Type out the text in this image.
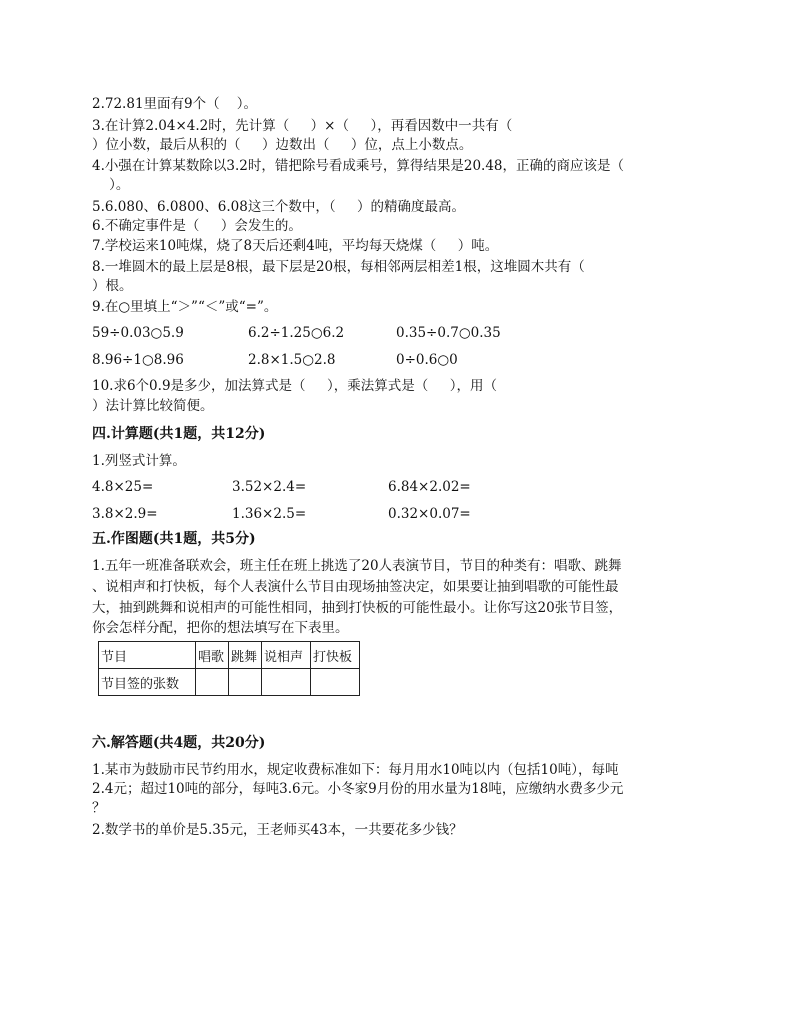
2.72.81里面有9个（    ）。
3.在计算2.04×4.2时，先计算（     ）×（     ），再看因数中一共有（
）位小数，最后从积的（     ）边数出（     ）位，点上小数点。
4.小强在计算某数除以3.2时，错把除号看成乘号，算得结果是20.48，正确的商应该是（
）。
5.6.080、6.0800、6.08这三个数中，（     ）的精确度最高。
6.不确定事件是（     ）会发生的。
7.学校运来10吨煤，烧了8天后还剩4吨，平均每天烧煤（     ）吨。
8.一堆圆木的最上层是8根，最下层是20根，每相邻两层相差1根，这堆圆木共有（
）根。
9.在○里填上“＞”“＜”或“=”。
59÷0.03○5.9	6.2÷1.25○6.2	0.35÷0.7○0.35
8.96÷1○8.96	2.8×1.5○2.8	0÷0.6○0
10.求6个0.9是多少，加法算式是（     ），乘法算式是（     ），用（
）法计算比较简便。
四.计算题(共1题，共12分)
1.列竖式计算。
4.8×25=	3.52×2.4=	6.84×2.02=
3.8×2.9=	1.36×2.5=	0.32×0.07=
五.作图题(共1题，共5分)
1.五年一班准备联欢会，班主任在班上挑选了20人表演节目，节目的种类有：唱歌、跳舞
、说相声和打快板，每个人表演什么节目由现场抽签决定，如果要让抽到唱歌的可能性最
大，抽到跳舞和说相声的可能性相同，抽到打快板的可能性最小。让你写这20张节目签，
你会怎样分配，把你的想法填写在下表里。
节目	唱歌	跳舞	说相声	打快板
节目签的张数				
六.解答题(共4题，共20分)
1.某市为鼓励市民节约用水，规定收费标准如下：每月用水10吨以内（包括10吨），每吨
2.4元；超过10吨的部分，每吨3.6元。小冬家9月份的用水量为18吨，应缴纳水费多少元
？
2.数学书的单价是5.35元，王老师买43本，一共要花多少钱？
